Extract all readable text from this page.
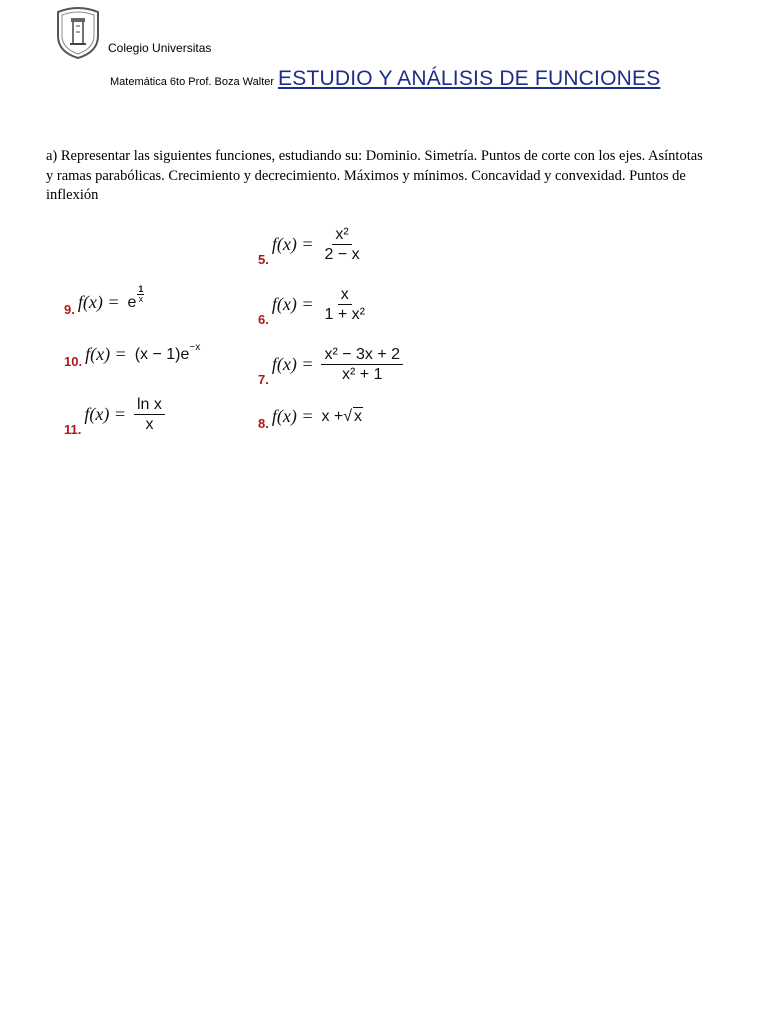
Colegio Universitas
Matemática 6to Prof. Boza Walter ESTUDIO Y ANÁLISIS DE FUNCIONES
a) Representar las siguientes funciones, estudiando su: Dominio. Simetría. Puntos de corte con los ejes. Asíntotas y ramas parabólicas. Crecimiento y decrecimiento. Máximos y mínimos. Concavidad y convexidad. Puntos de inflexión
5.
$f(x) = \frac{\text{x²}}{2 - x}$
6.
$f(x) = \frac{x}{\text{1 + x²}}$
7.
$f(x) = \frac{\text{x² − 3x + 2}}{\text{x² + 1}}$
8. f(x) = x + √ x
9. f(x) = e $\frac{1}{x}$
10. f(x) = (x − 1)e −x
11.
$f(x) = \frac{\text{ln x}}{x}$
